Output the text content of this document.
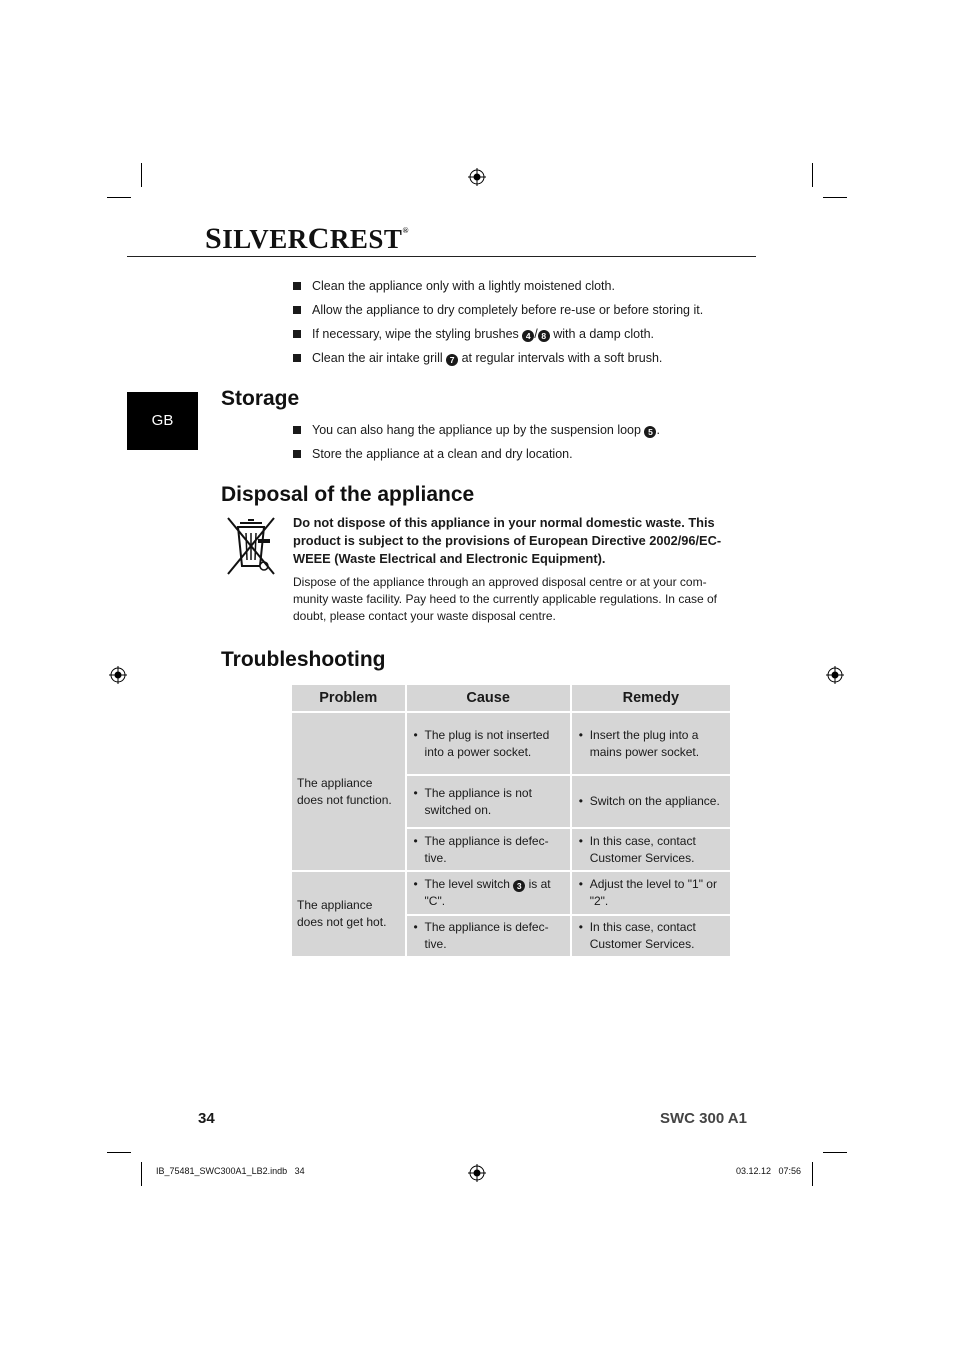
SILVERCREST®
Clean the appliance only with a lightly moistened cloth.
Allow the appliance to dry completely before re-use or before storing it.
If necessary, wipe the styling brushes 4 / 8 with a damp cloth.
Clean the air intake grill 7 at regular intervals with a soft brush.
GB
Storage
You can also hang the appliance up by the suspension loop 5 .
Store the appliance at a clean and dry location.
Disposal of the appliance
Do not dispose of this appliance in your normal domestic waste. This product is subject to the provisions of European Directive 2002/96/EC-WEEE (Waste Electrical and Electronic Equipment).
Dispose of the appliance through an approved disposal centre or at your com-munity waste facility. Pay heed to the currently applicable regulations. In case of doubt, please contact your waste disposal centre.
Troubleshooting
Problem	Cause	Remedy
The appliance does not function.	• The plug is not inserted into a power socket.	• Insert the plug into a mains power socket.

	• The appliance is not switched on.	• Switch on the appliance.

	• The appliance is defec-tive.	• In this case, contact Customer Services.

The appliance does not get hot.	• The level switch 3 is at "C".	• Adjust the level to "1" or "2".

	• The appliance is defec-tive.	• In this case, contact Customer Services.
34	SWC 300 A1
IB_75481_SWC300A1_LB2.indb   34	03.12.12   07:56
